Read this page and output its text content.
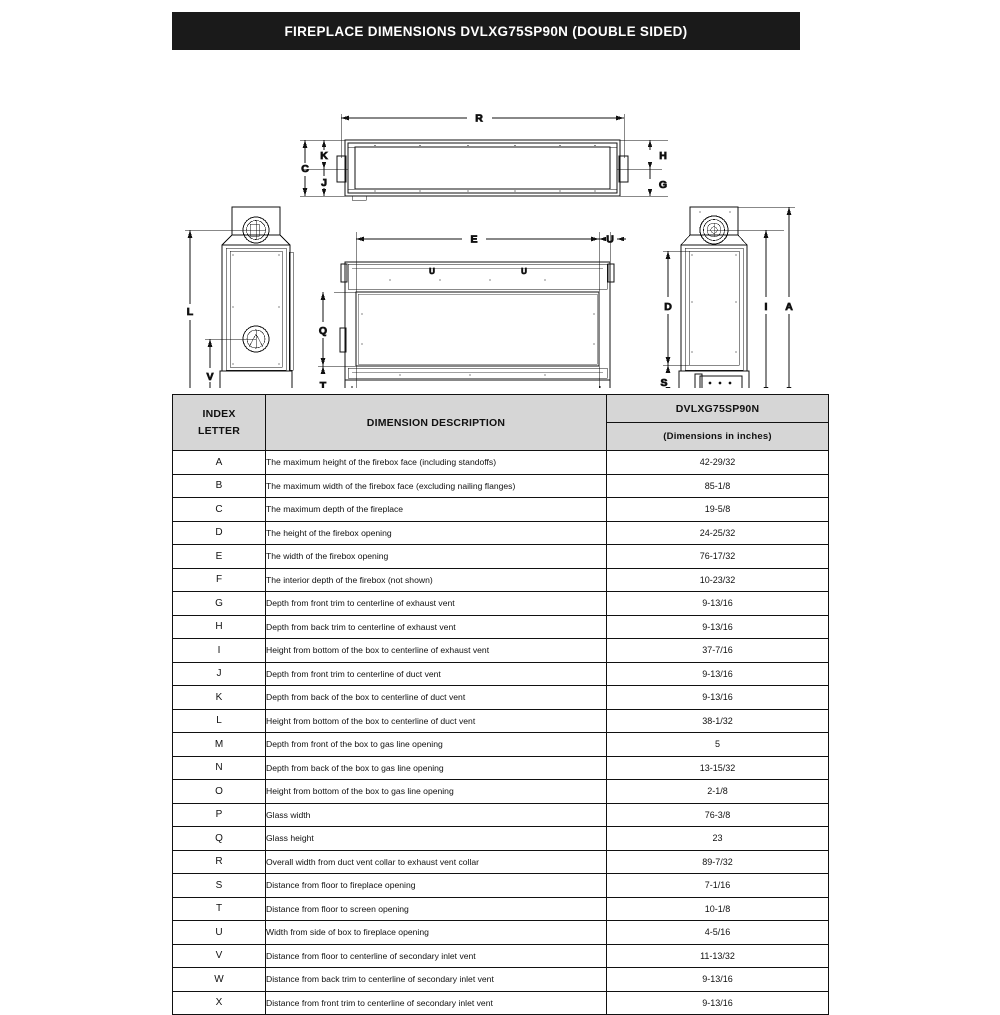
FIREPLACE DIMENSIONS DVLXG75SP90N (DOUBLE SIDED)
R
C
K
J
H
G
L
V
U	U
E	U
Q
T
D
S
I A
INDEX
LETTER	DIMENSION DESCRIPTION	DVLXG75SP90N
		(Dimensions in inches)
A	The maximum height of the firebox face (including standoffs)	42-29/32
B	The maximum width of the firebox face (excluding nailing flanges)	85-1/8
C	The maximum depth of the fireplace	19-5/8
D	The height of the firebox opening	24-25/32
E	The width of the firebox opening	76-17/32
F	The interior depth of the firebox (not shown)	10-23/32
G	Depth from front trim to centerline of exhaust vent	9-13/16
H	Depth from back trim to centerline of exhaust vent	9-13/16
I	Height from bottom of the box to centerline of exhaust vent	37-7/16
J	Depth from front trim to centerline of duct vent	9-13/16
K	Depth from back of the box to centerline of duct vent	9-13/16
L	Height from bottom of the box to centerline of duct vent	38-1/32
M	Depth from front of the box to gas line opening	5
N	Depth from back of the box to gas line opening	13-15/32
O	Height from bottom of the box to gas line opening	2-1/8
P	Glass width	76-3/8
Q	Glass height	23
R	Overall width from duct vent collar to exhaust vent collar	89-7/32
S	Distance from floor to fireplace opening	7-1/16
T	Distance from floor to screen opening	10-1/8
U	Width from side of box to fireplace opening	4-5/16
V	Distance from floor to centerline of secondary inlet vent	11-13/32
W	Distance from back trim to centerline of secondary inlet vent	9-13/16
X	Distance from front trim to centerline of secondary inlet vent	9-13/16
